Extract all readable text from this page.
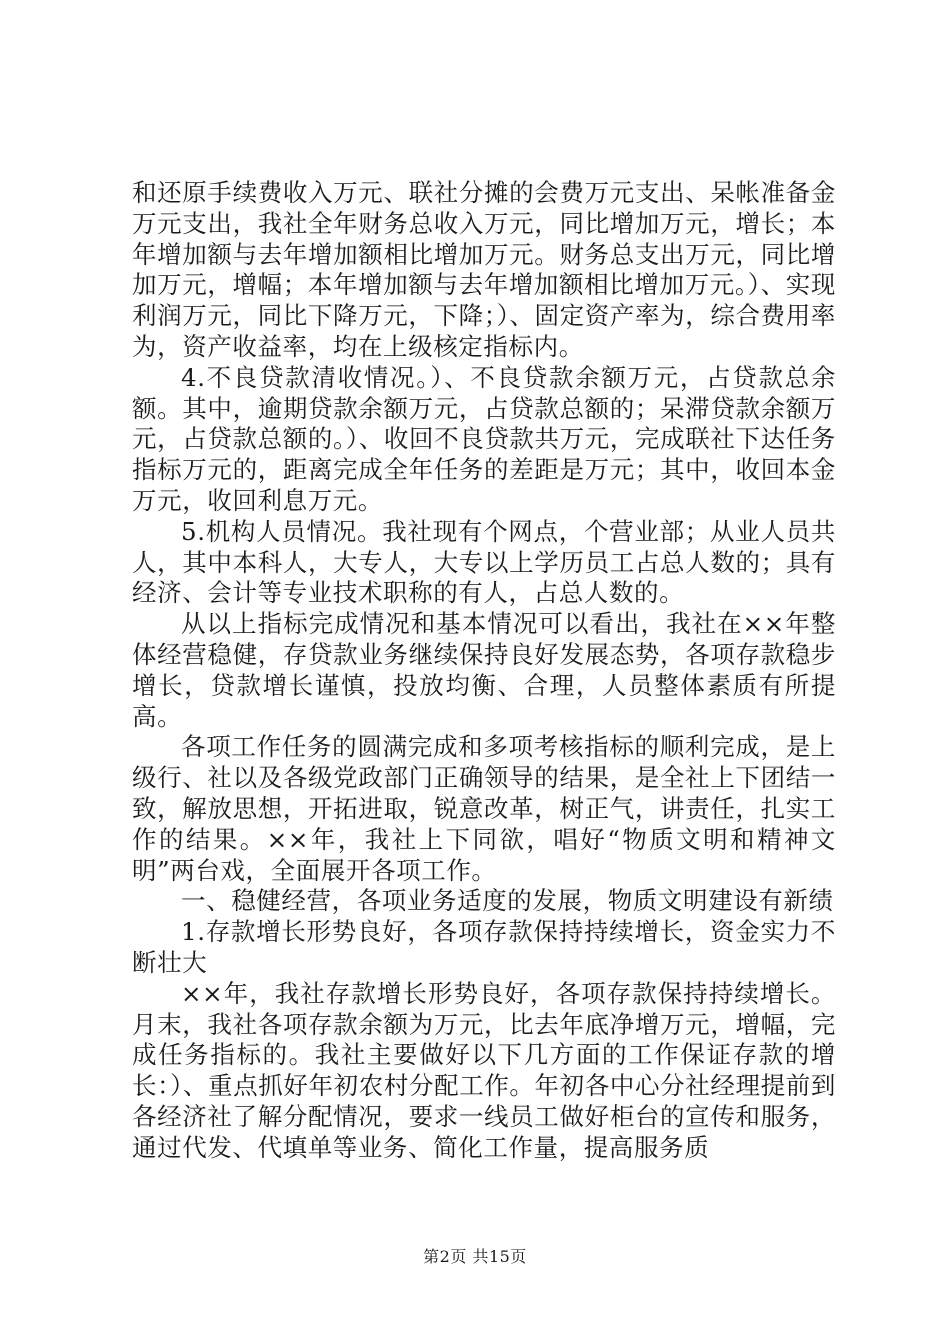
和还原手续费收入万元、联社分摊的会费万元支出、呆帐准备金万元支出，我社全年财务总收入万元，同比增加万元，增长；本年增加额与去年增加额相比增加万元。财务总支出万元，同比增加万元，增幅；本年增加额与去年增加额相比增加万元。）、实现利润万元，同比下降万元，下降；）、固定资产率为，综合费用率为，资产收益率，均在上级核定指标内。

4.不良贷款清收情况。）、不良贷款余额万元，占贷款总余额。其中，逾期贷款余额万元，占贷款总额的；呆滞贷款余额万元，占贷款总额的。）、收回不良贷款共万元，完成联社下达任务指标万元的，距离完成全年任务的差距是万元；其中，收回本金万元，收回利息万元。

5.机构人员情况。我社现有个网点，个营业部；从业人员共人，其中本科人，大专人，大专以上学历员工占总人数的；具有经济、会计等专业技术职称的有人，占总人数的。

从以上指标完成情况和基本情况可以看出，我社在××年整体经营稳健，存贷款业务继续保持良好发展态势，各项存款稳步增长，贷款增长谨慎，投放均衡、合理，人员整体素质有所提高。

各项工作任务的圆满完成和多项考核指标的顺利完成，是上级行、社以及各级党政部门正确领导的结果，是全社上下团结一致，解放思想，开拓进取，锐意改革，树正气，讲责任，扎实工作的结果。××年，我社上下同欲，唱好“物质文明和精神文明”两台戏，全面展开各项工作。

一、稳健经营，各项业务适度的发展，物质文明建设有新绩

1.存款增长形势良好，各项存款保持持续增长，资金实力不断壮大

××年，我社存款增长形势良好，各项存款保持持续增长。月末，我社各项存款余额为万元，比去年底净增万元，增幅，完成任务指标的。我社主要做好以下几方面的工作保证存款的增长：）、重点抓好年初农村分配工作。年初各中心分社经理提前到各经济社了解分配情况，要求一线员工做好柜台的宣传和服务，通过代发、代填单等业务、简化工作量，提高服务质

第2页 共15页
